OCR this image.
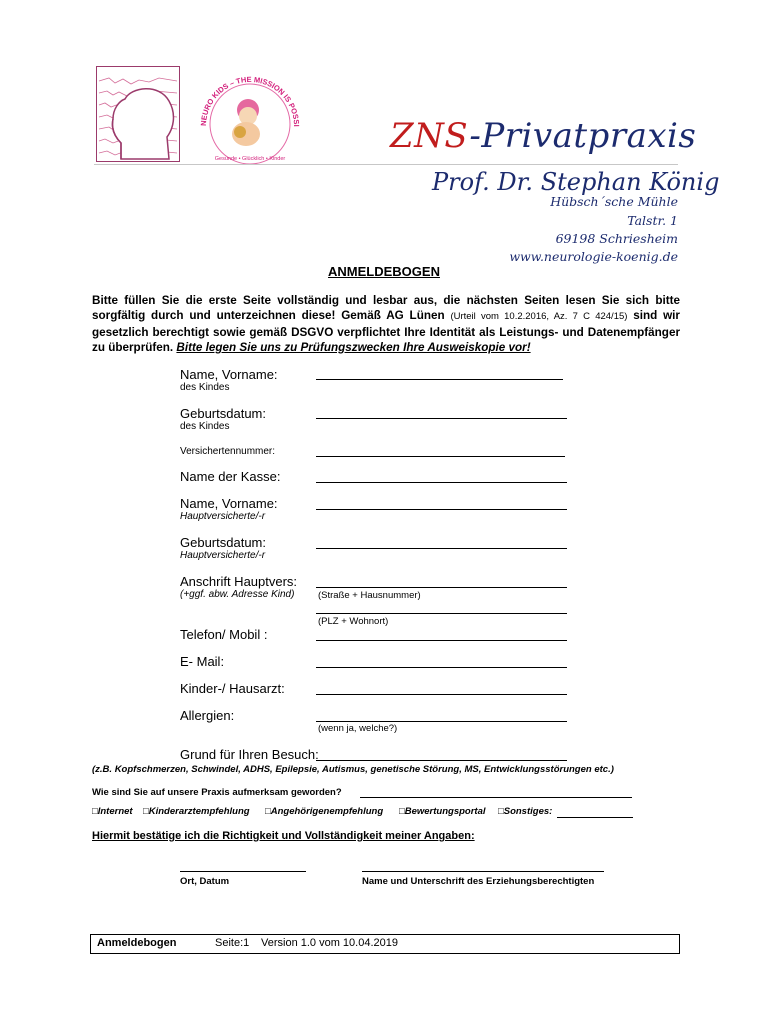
NEURO KIDS – THE MISSION IS POSSI
Gesunde • Glücklich • Kinder
ZNS-Privatpraxis
Prof. Dr. Stephan König
Hübsch´sche Mühle
Talstr. 1
69198 Schriesheim
www.neurologie-koenig.de
ANMELDEBOGEN
Bitte füllen Sie die erste Seite vollständig und lesbar aus, die nächsten Seiten lesen Sie sich bitte sorgfältig durch und unterzeichnen diese! Gemäß AG Lünen (Urteil vom 10.2.2016, Az. 7 C 424/15) sind wir gesetzlich berechtigt sowie gemäß DSGVO verpflichtet Ihre Identität als Leistungs- und Datenempfänger zu überprüfen. Bitte legen Sie uns zu Prüfungszwecken Ihre Ausweiskopie vor!
Name, Vorname:
des Kindes
Geburtsdatum:
des Kindes
Versichertennummer:
Name der Kasse:
Name, Vorname:
Hauptversicherte/-r
Geburtsdatum:
Hauptversicherte/-r
Anschrift Hauptvers:
(+ggf. abw. Adresse Kind) (Straße + Hausnummer)
(PLZ + Wohnort)
Telefon/ Mobil :
E- Mail:
Kinder-/ Hausarzt:
Allergien:
(wenn ja, welche?)
Grund für Ihren Besuch:
(z.B. Kopfschmerzen, Schwindel, ADHS, Epilepsie, Autismus, genetische Störung, MS, Entwicklungsstörungen etc.)
Wie sind Sie auf unsere Praxis aufmerksam geworden?
□Internet □Kinderarztempfehlung □Angehörigenempfehlung □Bewertungsportal □Sonstiges:
Hiermit bestätige ich die Richtigkeit und Vollständigkeit meiner Angaben:
Ort, Datum	Name und Unterschrift des Erziehungsberechtigten
Anmeldebogen	Seite:1 Version 1.0 vom 10.04.2019
